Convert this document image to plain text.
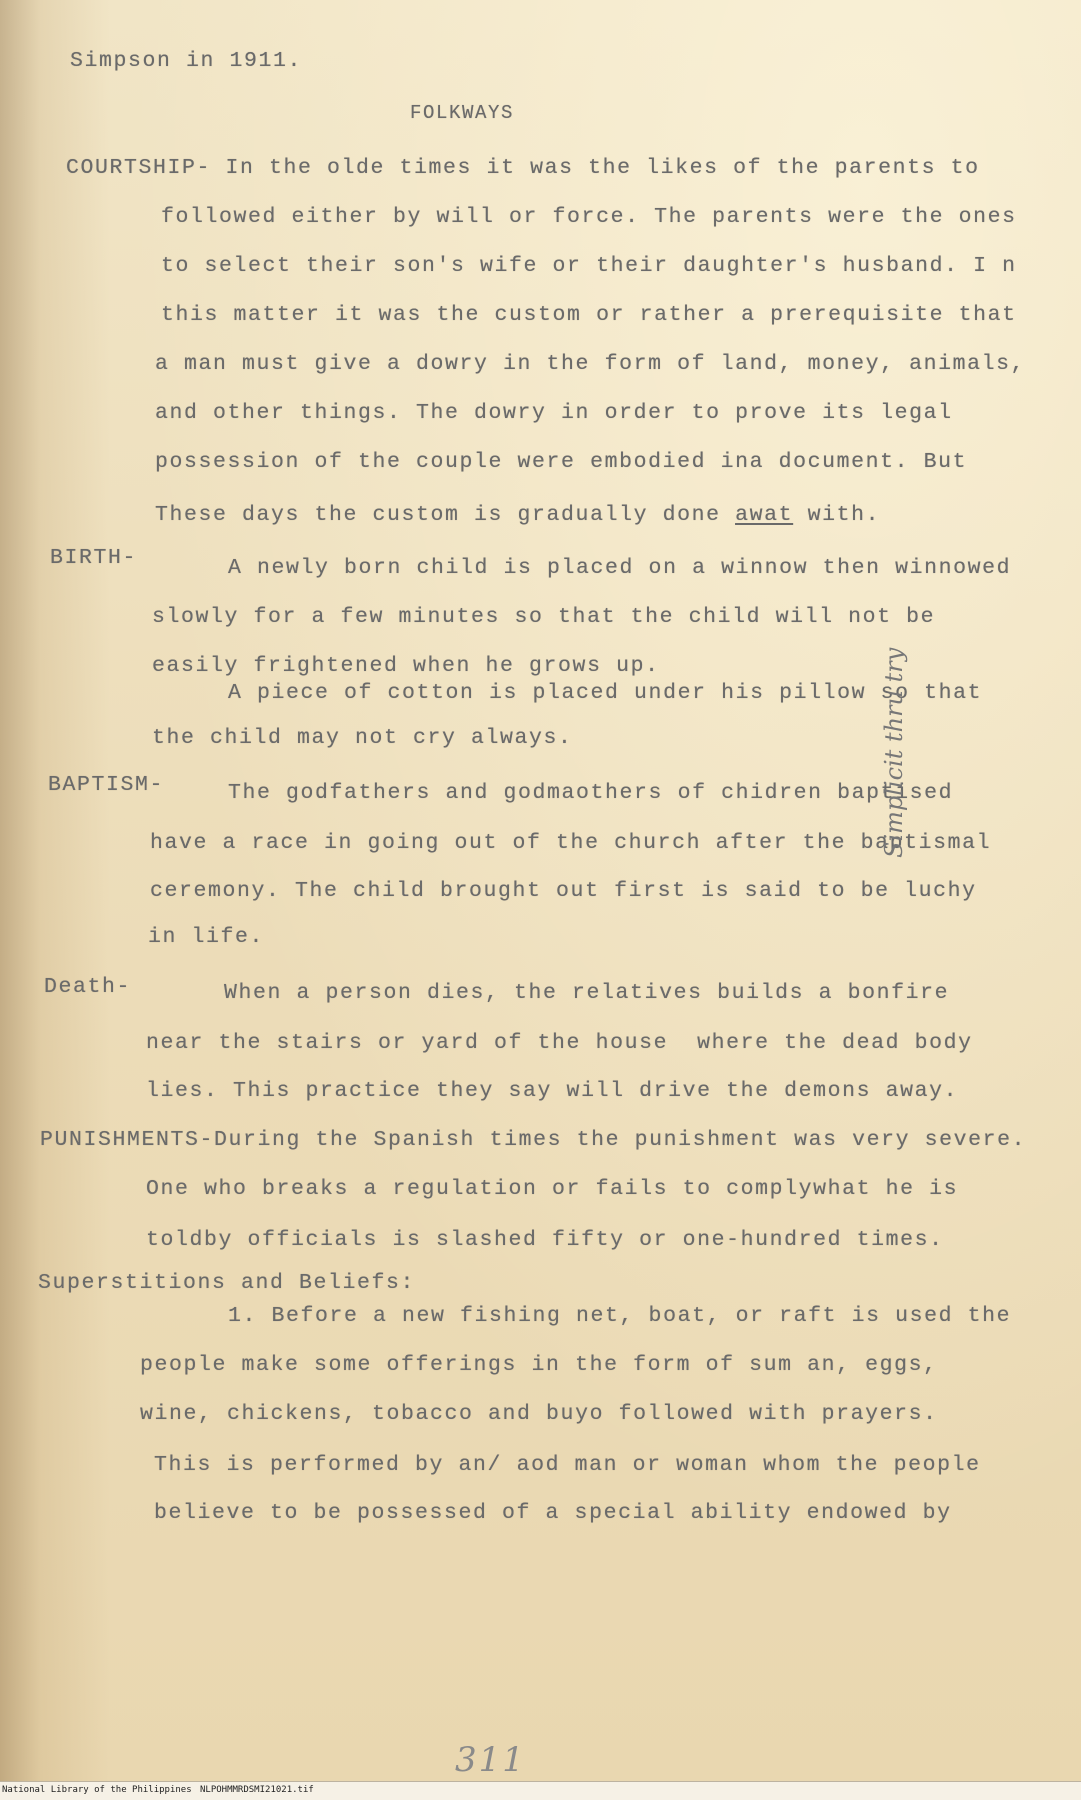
Simpson in 1911.
FOLKWAYS
COURTSHIP- In the olde times it was the likes of the parents to
followed either by will or force. The parents were the ones
to select their son's wife or their daughter's husband. I n
this matter it was the custom or rather a prerequisite that
a man must give a dowry in the form of land, money, animals,
and other things. The dowry in order to prove its legal
possession of the couple were embodied ina document. But
These days the custom is gradually done awat with.
BIRTH-	A newly born child is placed on a winnow then winnowed
slowly for a few minutes so that the child will not be
easily frightened when he grows up.
A piece of cotton is placed under his pillow so that
the child may not cry always.
BAPTISM-	The godfathers and godmaothers of chidren baptised
have a race in going out of the church after the baptismal
ceremony. The child brought out first is said to be luchy
in life.
Death-	When a person dies, the relatives builds a bonfire
near the stairs or yard of the house  where the dead body
lies. This practice they say will drive the demons away.
PUNISHMENTS-During the Spanish times the punishment was very severe.
One who breaks a regulation or fails to complywhat he is
toldby officials is slashed fifty or one-hundred times.
Superstitions and Beliefs:
1. Before a new fishing net, boat, or raft is used the
people make some offerings in the form of sum an, eggs,
wine, chickens, tobacco and buyo followed with prayers.
This is performed by an/ aod man or woman whom the people
believe to be possessed of a special ability endowed by
Simplicit thru try
311
National Library of the Philippines NLPOHMMRDSMI21021.tif
